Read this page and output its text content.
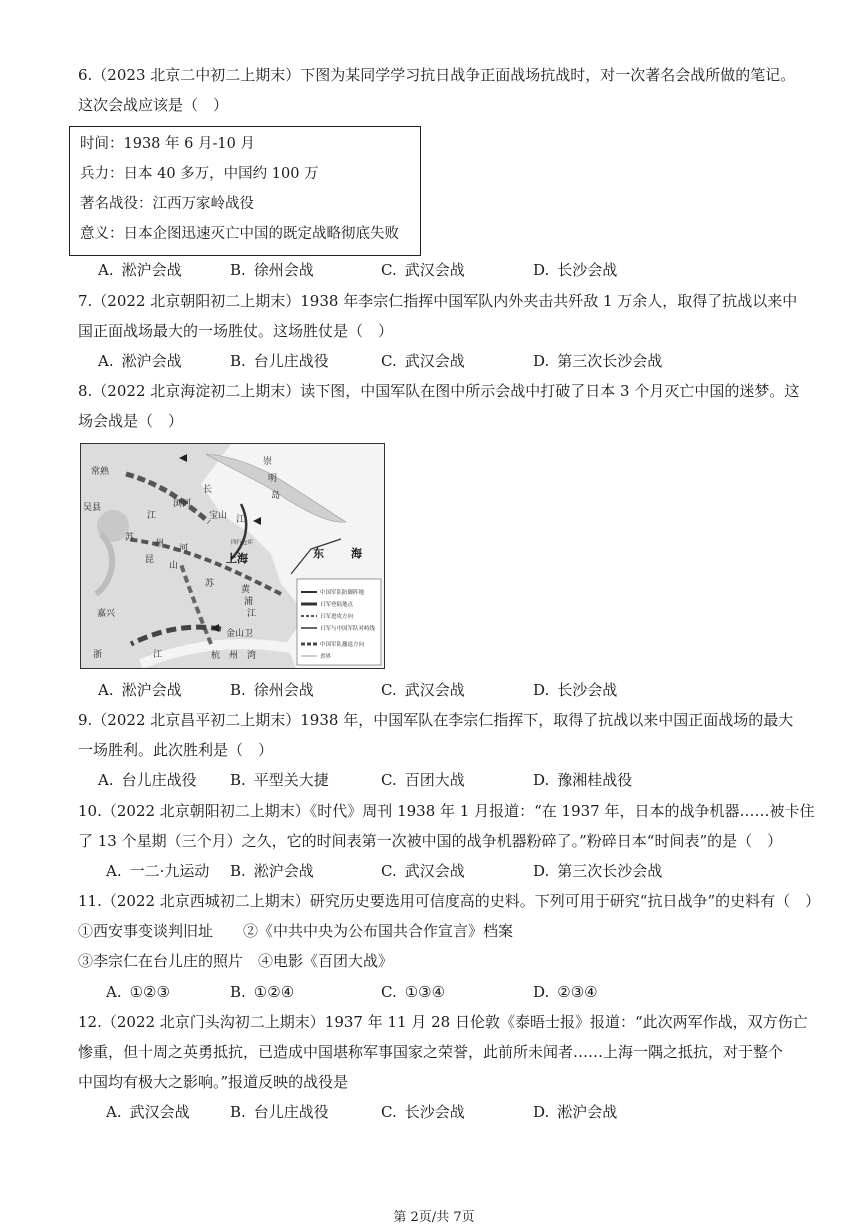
6.（2023 北京二中初二上期末）下图为某同学学习抗日战争正面战场抗战时，对一次著名会战所做的笔记。
这次会战应该是（　）
时间：1938 年 6 月-10 月
兵力：日本 40 多万，中国约 100 万
著名战役：江西万家岭战役
意义：日本企图迅速灭亡中国的既定战略彻底失败
A. 淞沪会战	B. 徐州会战	C. 武汉会战	D. 长沙会战
7.（2022 北京朝阳初二上期末）1938 年李宗仁指挥中国军队内外夹击共歼敌 1 万余人，取得了抗战以来中
国正面战场最大的一场胜仗。这场胜仗是（　）
A. 淞沪会战	B. 台儿庄战役	C. 武汉会战	D. 第三次长沙会战
8.（2022 北京海淀初二上期末）读下图，中国军队在图中所示会战中打破了日本 3 个月灭亡中国的迷梦。这
场会战是（　）
中国军队防御阵地
日军登陆地点
日军进攻方向
日军与中国军队对峙线
中国军队撤退方向
省界
常熟
崇
明
岛
长
江
浏河
宝山
吴县
江
上海
四行仓库
东 海
苏
嘉兴
浙	江
金山卫
杭　州　湾
苏
州 河
昆
山
黄
浦
江
A. 淞沪会战	B. 徐州会战	C. 武汉会战	D. 长沙会战
9.（2022 北京昌平初二上期末）1938 年，中国军队在李宗仁指挥下，取得了抗战以来中国正面战场的最大
一场胜利。此次胜利是（　）
A. 台儿庄战役 B. 平型关大捷	C. 百团大战	D. 豫湘桂战役
10.（2022 北京朝阳初二上期末）《时代》周刊 1938 年 1 月报道：“在 1937 年，日本的战争机器……被卡住
了 13 个星期（三个月）之久，它的时间表第一次被中国的战争机器粉碎了。”粉碎日本“时间表”的是（　）
A. 一二·九运动 B. 淞沪会战	C. 武汉会战	D. 第三次长沙会战
11.（2022 北京西城初二上期末）研究历史要选用可信度高的史料。下列可用于研究“抗日战争”的史料有（　）
①西安事变谈判旧址　　②《中共中央为公布国共合作宣言》档案
③李宗仁在台儿庄的照片　④电影《百团大战》
A. ①②③	B. ①②④	C. ①③④	D. ②③④
12.（2022 北京门头沟初二上期末）1937 年 11 月 28 日伦敦《泰晤士报》报道：“此次两军作战，双方伤亡
惨重，但十周之英勇抵抗，已造成中国堪称军事国家之荣誉，此前所未闻者……上海一隅之抵抗，对于整个
中国均有极大之影响。”报道反映的战役是
A. 武汉会战	B. 台儿庄战役	C. 长沙会战	D. 淞沪会战
第 2页/共 7页
